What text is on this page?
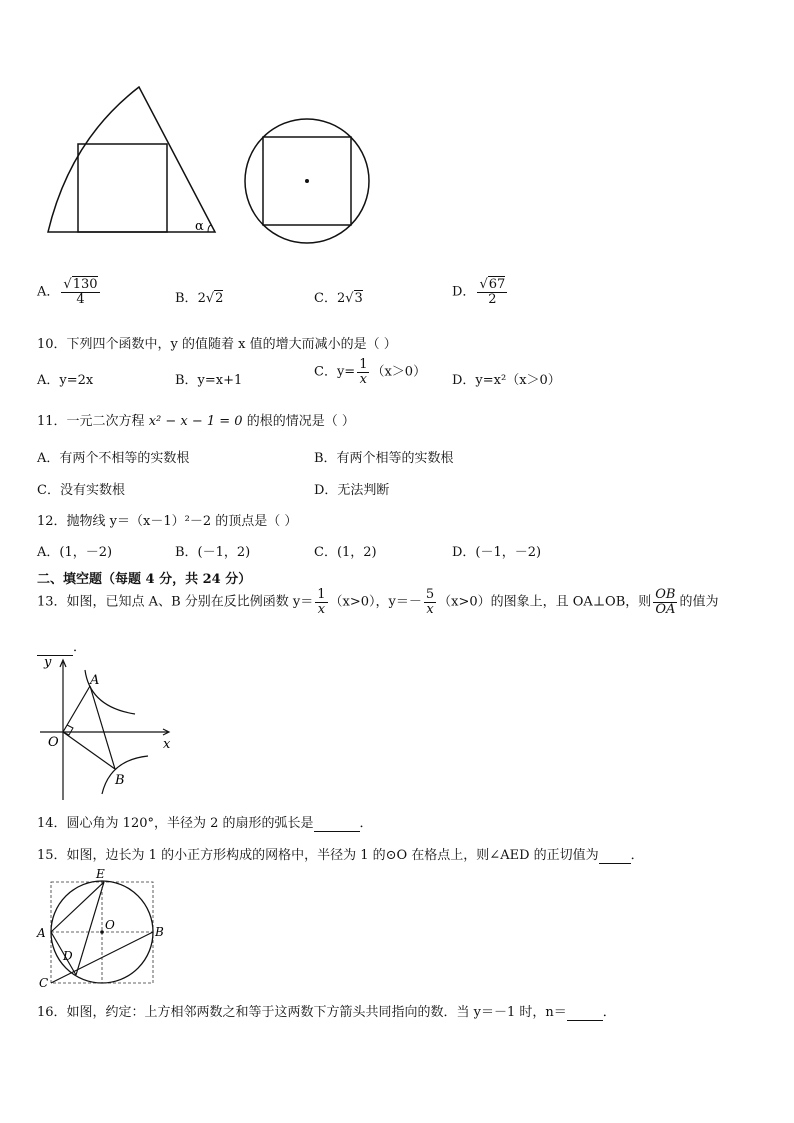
α
A． $\frac{√130}{4}$	B．2√2	C．2√3	D． $\frac{√67}{2}$
10．下列四个函数中，y 的值随着 x 值的增大而减小的是（ ）
A．y=2x	B．y=x+1
C．$y= \frac{1}{x} (x>0)$
D．y=x²（x＞0）
11．一元二次方程 x² − x − 1 = 0 的根的情况是（ ）
A．有两个不相等的实数根	B．有两个相等的实数根
C．没有实数根	D．无法判断
12．抛物线 y＝（x－1）²－2 的顶点是（ ）
A．(1，－2)	B．(－1，2)	C．(1，2)	D．(－1，－2)
二、填空题（每题 4 分，共 24 分）
13．如图，已知点 A、B 分别在反比例函数 $y= \frac{1}{x} (x>0)$，$y=- \frac{5}{x} (x>0)$的图象上，且 OA⊥OB，则 $\frac{OB}{OA}$ 的值为
．
y
x
O
A
B
14．圆心角为 120°，半径为 2 的扇形的弧长是	．
15．如图，边长为 1 的小正方形构成的网格中，半径为 1 的⊙O 在格点上，则∠AED 的正切值为 ．
E
A	B
O
D
C
16．如图，约定：上方相邻两数之和等于这两数下方箭头共同指向的数．当 y＝－1 时，n＝	．
